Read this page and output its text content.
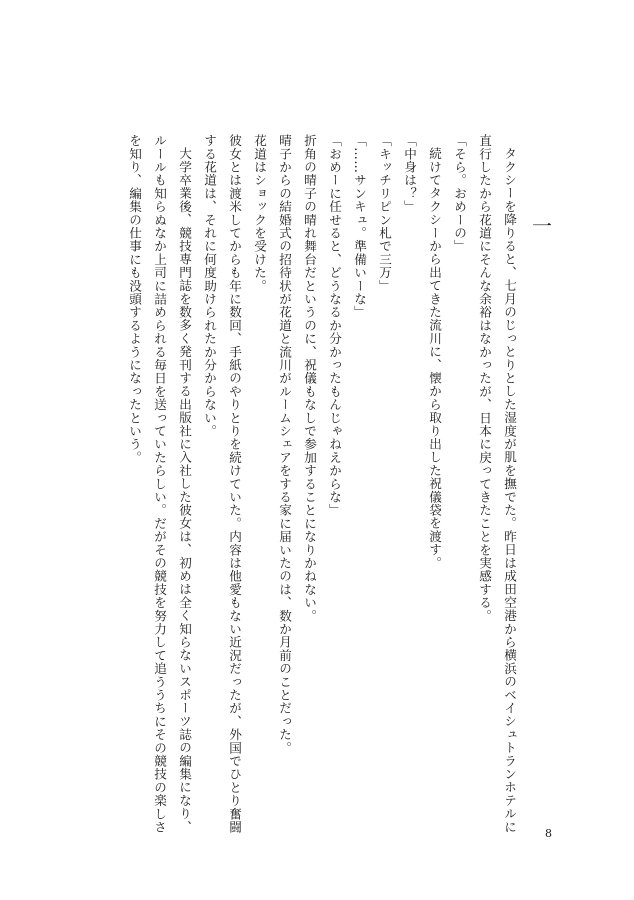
一

タクシーを降りると、七月のじっとりとした湿度が肌を撫でた。昨日は成田空港から横浜のベイシュトランホテルに直行したから花道にそんな余裕はなかったが、日本に戻ってきたことを実感する。

「そら。おめーの」

続けてタクシーから出てきた流川に、懐から取り出した祝儀袋を渡す。

「中身は？」

「キッチリピン札で三万」

「……サンキュ。準備いーな」

「おめーに任せると、どうなるか分かったもんじゃねえからな」

折角の晴子の晴れ舞台だというのに、祝儀もなしで参加することになりかねない。

晴子からの結婚式の招待状が花道と流川がルームシェアをする家に届いたのは、数か月前のことだった。

花道はショックを受けた。

彼女とは渡米してからも年に数回、手紙のやりとりを続けていた。内容は他愛もない近況だったが、外国でひとり奮闘する花道は、それに何度助けられたか分からない。

大学卒業後、競技専門誌を数多く発刊する出版社に入社した彼女は、初めは全く知らないスポーツ誌の編集になり、ルールも知らぬなか上司に詰められる毎日を送っていたらしい。だがその競技を努力して追ううちにその競技の楽しさを知り、編集の仕事にも没頭するようになったという。

8
